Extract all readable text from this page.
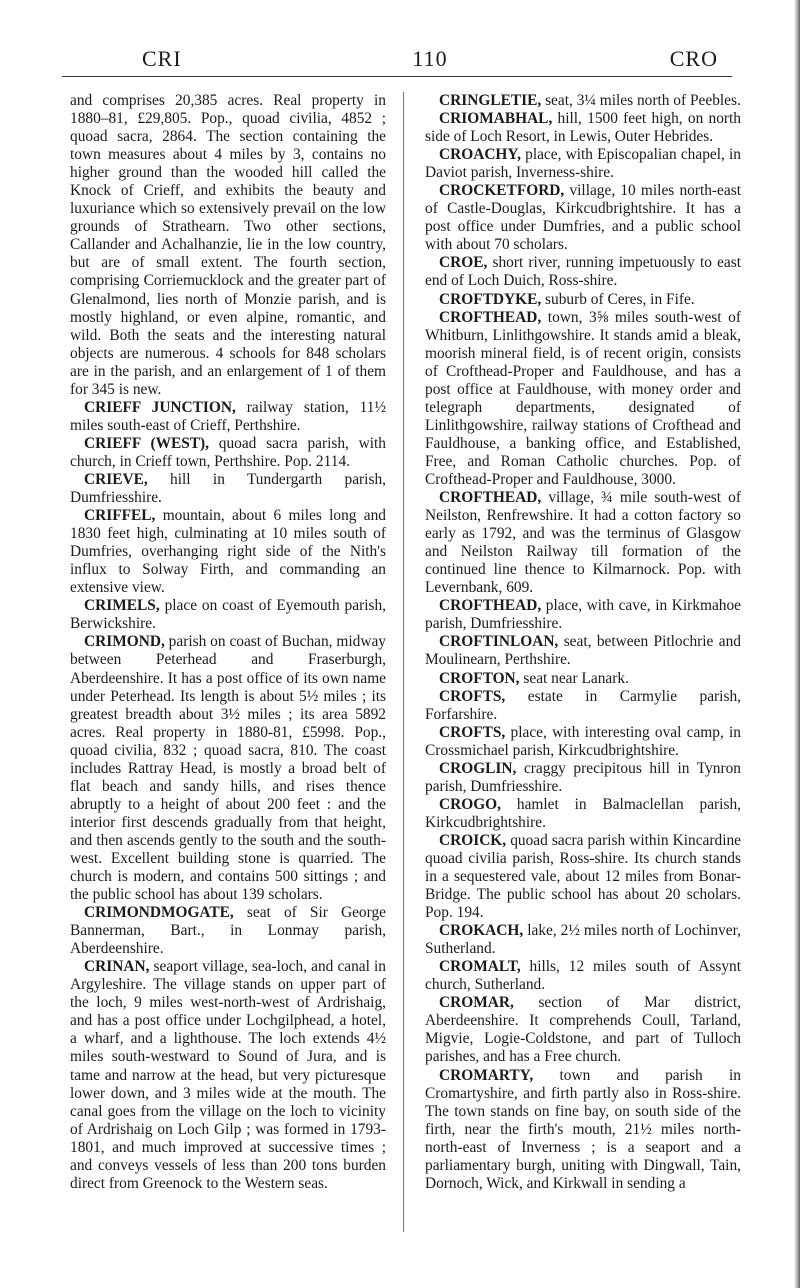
CRI	110	CRO

and comprises 20,385 acres. Real property in 1880–81, £29,805. Pop., quoad civilia, 4852 ; quoad sacra, 2864. The section containing the town measures about 4 miles by 3, contains no higher ground than the wooded hill called the Knock of Crieff, and exhibits the beauty and luxuriance which so extensively prevail on the low grounds of Strathearn. Two other sections, Callander and Achalhanzie, lie in the low country, but are of small extent. The fourth section, comprising Corriemucklock and the greater part of Glenalmond, lies north of Monzie parish, and is mostly highland, or even alpine, romantic, and wild. Both the seats and the interesting natural objects are numerous. 4 schools for 848 scholars are in the parish, and an enlargement of 1 of them for 345 is new.

CRIEFF JUNCTION, railway station, 11½ miles south-east of Crieff, Perthshire.

CRIEFF (WEST), quoad sacra parish, with church, in Crieff town, Perthshire. Pop. 2114.

CRIEVE, hill in Tundergarth parish, Dumfriesshire.

CRIFFEL, mountain, about 6 miles long and 1830 feet high, culminating at 10 miles south of Dumfries, overhanging right side of the Nith's influx to Solway Firth, and commanding an extensive view.

CRIMELS, place on coast of Eyemouth parish, Berwickshire.

CRIMOND, parish on coast of Buchan, midway between Peterhead and Fraserburgh, Aberdeenshire. It has a post office of its own name under Peterhead. Its length is about 5½ miles ; its greatest breadth about 3½ miles ; its area 5892 acres. Real property in 1880-81, £5998. Pop., quoad civilia, 832 ; quoad sacra, 810. The coast includes Rattray Head, is mostly a broad belt of flat beach and sandy hills, and rises thence abruptly to a height of about 200 feet : and the interior first descends gradually from that height, and then ascends gently to the south and the south-west. Excellent building stone is quarried. The church is modern, and contains 500 sittings ; and the public school has about 139 scholars.

CRIMONDMOGATE, seat of Sir George Bannerman, Bart., in Lonmay parish, Aberdeenshire.

CRINAN, seaport village, sea-loch, and canal in Argyleshire. The village stands on upper part of the loch, 9 miles west-north-west of Ardrishaig, and has a post office under Lochgilphead, a hotel, a wharf, and a lighthouse. The loch extends 4½ miles south-westward to Sound of Jura, and is tame and narrow at the head, but very picturesque lower down, and 3 miles wide at the mouth. The canal goes from the village on the loch to vicinity of Ardrishaig on Loch Gilp ; was formed in 1793-1801, and much improved at successive times ; and conveys vessels of less than 200 tons burden direct from Greenock to the Western seas.

CRINGLETIE, seat, 3¼ miles north of Peebles.

CRIOMABHAL, hill, 1500 feet high, on north side of Loch Resort, in Lewis, Outer Hebrides.

CROACHY, place, with Episcopalian chapel, in Daviot parish, Inverness-shire.

CROCKETFORD, village, 10 miles north-east of Castle-Douglas, Kirkcudbrightshire. It has a post office under Dumfries, and a public school with about 70 scholars.

CROE, short river, running impetuously to east end of Loch Duich, Ross-shire.

CROFTDYKE, suburb of Ceres, in Fife.

CROFTHEAD, town, 3⅝ miles south-west of Whitburn, Linlithgowshire. It stands amid a bleak, moorish mineral field, is of recent origin, consists of Crofthead-Proper and Fauldhouse, and has a post office at Fauldhouse, with money order and telegraph departments, designated of Linlithgowshire, railway stations of Crofthead and Fauldhouse, a banking office, and Established, Free, and Roman Catholic churches. Pop. of Crofthead-Proper and Fauldhouse, 3000.

CROFTHEAD, village, ¾ mile south-west of Neilston, Renfrewshire. It had a cotton factory so early as 1792, and was the terminus of Glasgow and Neilston Railway till formation of the continued line thence to Kilmarnock. Pop. with Levernbank, 609.

CROFTHEAD, place, with cave, in Kirkmahoe parish, Dumfriesshire.

CROFTINLOAN, seat, between Pitlochrie and Moulinearn, Perthshire.

CROFTON, seat near Lanark.

CROFTS, estate in Carmylie parish, Forfarshire.

CROFTS, place, with interesting oval camp, in Crossmichael parish, Kirkcudbrightshire.

CROGLIN, craggy precipitous hill in Tynron parish, Dumfriesshire.

CROGO, hamlet in Balmaclellan parish, Kirkcudbrightshire.

CROICK, quoad sacra parish within Kincardine quoad civilia parish, Ross-shire. Its church stands in a sequestered vale, about 12 miles from Bonar-Bridge. The public school has about 20 scholars. Pop. 194.

CROKACH, lake, 2½ miles north of Lochinver, Sutherland.

CROMALT, hills, 12 miles south of Assynt church, Sutherland.

CROMAR, section of Mar district, Aberdeenshire. It comprehends Coull, Tarland, Migvie, Logie-Coldstone, and part of Tulloch parishes, and has a Free church.

CROMARTY, town and parish in Cromartyshire, and firth partly also in Ross-shire. The town stands on fine bay, on south side of the firth, near the firth's mouth, 21½ miles north-north-east of Inverness ; is a seaport and a parliamentary burgh, uniting with Dingwall, Tain, Dornoch, Wick, and Kirkwall in sending a
